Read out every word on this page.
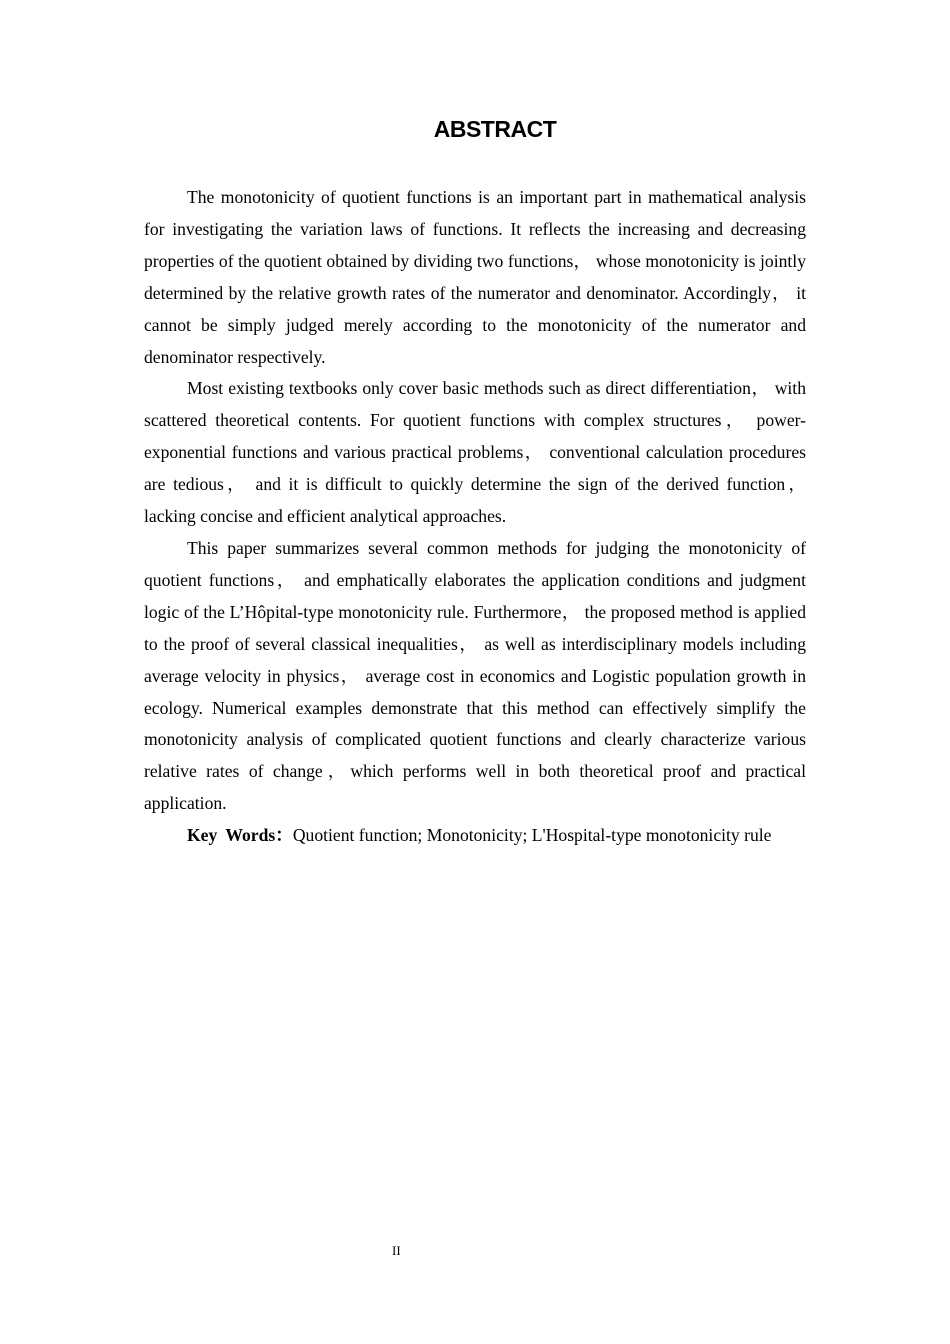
ABSTRACT

The monotonicity of quotient functions is an important part in mathematical analysis for investigating the variation laws of functions. It reflects the increasing and decreasing properties of the quotient obtained by dividing two functions， whose monotonicity is jointly determined by the relative growth rates of the numerator and denominator. Accordingly， it cannot be simply judged merely according to the monotonicity of the numerator and denominator respectively.

Most existing textbooks only cover basic methods such as direct differentiation， with scattered theoretical contents. For quotient functions with complex structures， power-exponential functions and various practical problems， conventional calculation procedures are tedious， and it is difficult to quickly determine the sign of the derived function， lacking concise and efficient analytical approaches.

This paper summarizes several common methods for judging the monotonicity of quotient functions， and emphatically elaborates the application conditions and judgment logic of the L’Hôpital-type monotonicity rule. Furthermore， the proposed method is applied to the proof of several classical inequalities， as well as interdisciplinary models including average velocity in physics， average cost in economics and Logistic population growth in ecology. Numerical examples demonstrate that this method can effectively simplify the monotonicity analysis of complicated quotient functions and clearly characterize various relative rates of change，which performs well in both theoretical proof and practical application.

Key Words：Quotient function; Monotonicity; L'Hospital-type monotonicity rule

II
